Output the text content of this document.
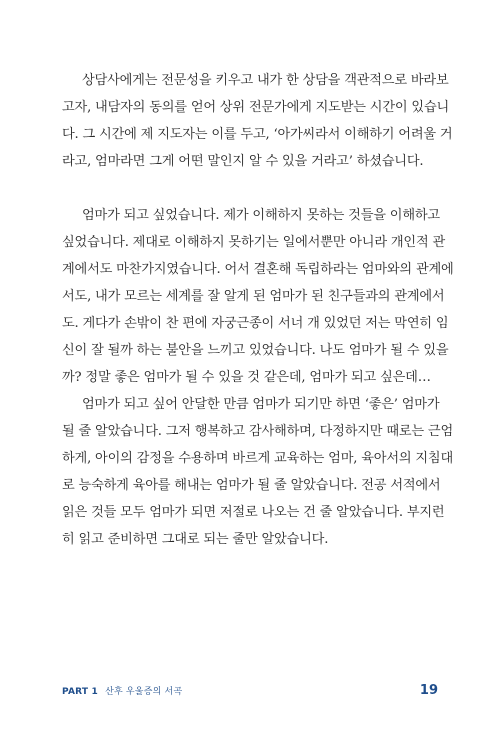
상담사에게는 전문성을 키우고 내가 한 상담을 객관적으로 바라보
고자, 내담자의 동의를 얻어 상위 전문가에게 지도받는 시간이 있습니
다. 그 시간에 제 지도자는 이를 두고, ‘아가씨라서 이해하기 어려울 거
라고, 엄마라면 그게 어떤 말인지 알 수 있을 거라고’ 하셨습니다.
엄마가 되고 싶었습니다. 제가 이해하지 못하는 것들을 이해하고
싶었습니다. 제대로 이해하지 못하기는 일에서뿐만 아니라 개인적 관
계에서도 마찬가지였습니다. 어서 결혼해 독립하라는 엄마와의 관계에
서도, 내가 모르는 세계를 잘 알게 된 엄마가 된 친구들과의 관계에서
도. 게다가 손밖이 찬 편에 자궁근종이 서너 개 있었던 저는 막연히 임
신이 잘 될까 하는 불안을 느끼고 있었습니다. 나도 엄마가 될 수 있을
까? 정말 좋은 엄마가 될 수 있을 것 같은데, 엄마가 되고 싶은데…
엄마가 되고 싶어 안달한 만큼 엄마가 되기만 하면 ‘좋은’ 엄마가
될 줄 알았습니다. 그저 행복하고 감사해하며, 다정하지만 때로는 근엄
하게, 아이의 감정을 수용하며 바르게 교육하는 엄마, 육아서의 지침대
로 능숙하게 육아를 해내는 엄마가 될 줄 알았습니다. 전공 서적에서
읽은 것들 모두 엄마가 되면 저절로 나오는 건 줄 알았습니다. 부지런
히 읽고 준비하면 그대로 되는 줄만 알았습니다.
PART 1 산후 우울증의 서곡	19
